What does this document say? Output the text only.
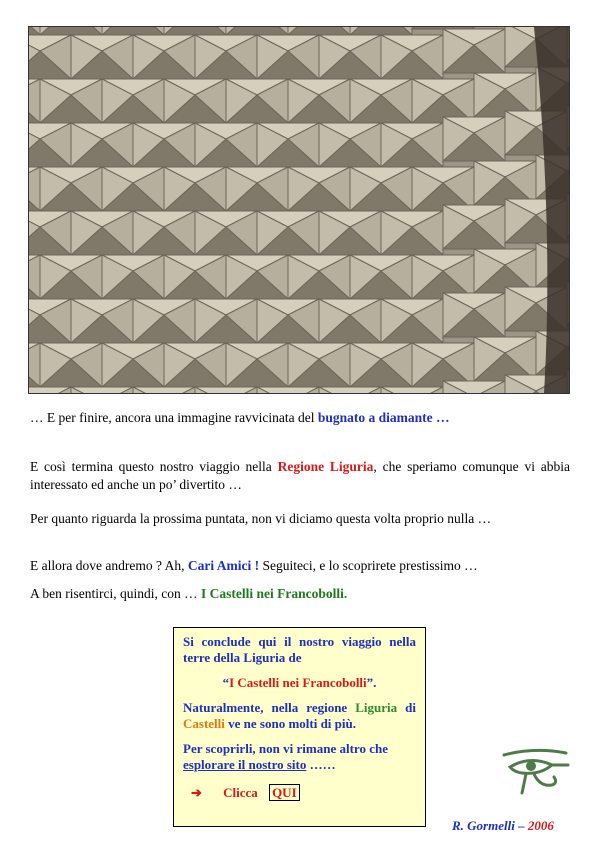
… E per finire, ancora una immagine ravvicinata del bugnato a diamante …
E così termina questo nostro viaggio nella Regione Liguria, che speriamo comunque vi abbia interessato ed anche un po’ divertito …
Per quanto riguarda la prossima puntata, non vi diciamo questa volta proprio nulla …
E allora dove andremo ? Ah, Cari Amici ! Seguiteci, e lo scoprirete prestissimo …
A ben risentirci, quindi, con … I Castelli nei Francobolli.

Si conclude qui il nostro viaggio nella terre della Liguria de

“I Castelli nei Francobolli”.

Naturalmente, nella regione Liguria di Castelli ve ne sono molti di più.

Per scoprirli, non vi rimane altro che esplorare il nostro sito ……

➔ Clicca QUI

R. Gormelli – 2006
